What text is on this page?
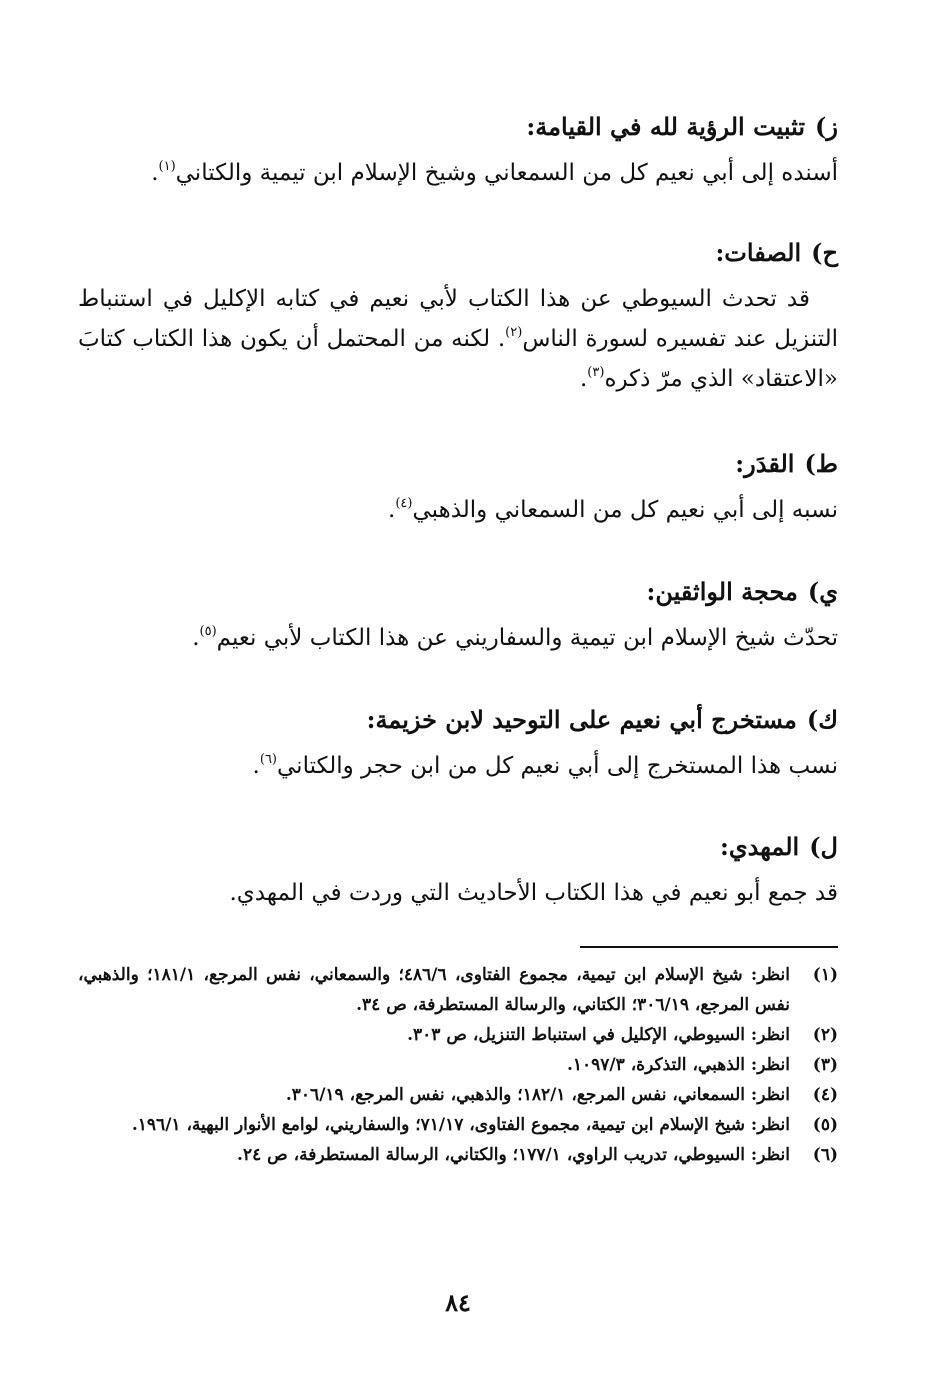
ز)تثبيت الرؤية لله في القيامة:

أسنده إلى أبي نعيم كل من السمعاني وشيخ الإسلام ابن تيمية والكتاني$^{(١)}$.

ح)الصفات:

قد تحدث السيوطي عن هذا الكتاب لأبي نعيم في كتابه الإكليل في استنباط التنزيل عند تفسيره لسورة الناس$^{(٢)}$. لكنه من المحتمل أن يكون هذا الكتاب كتابَ «الاعتقاد» الذي مرّ ذكره$^{(٣)}$.

ط)القدَر:

نسبه إلى أبي نعيم كل من السمعاني والذهبي$^{(٤)}$.

ي)محجة الواثقين:

تحدّث شيخ الإسلام ابن تيمية والسفاريني عن هذا الكتاب لأبي نعيم$^{(٥)}$.

ك)مستخرج أبي نعيم على التوحيد لابن خزيمة:

نسب هذا المستخرج إلى أبي نعيم كل من ابن حجر والكتاني$^{(٦)}$.

ل)المهدي:

قد جمع أبو نعيم في هذا الكتاب الأحاديث التي وردت في المهدي.

(١)
انظر: شيخ الإسلام ابن تيمية، مجموع الفتاوى، ٤٨٦/٦؛ والسمعاني، نفس المرجع، ١٨١/١؛ والذهبي، نفس المرجع، ٣٠٦/١٩؛ الكتاني، والرسالة المستطرفة، ص ٣٤.
(٢)
انظر: السيوطي، الإكليل في استنباط التنزيل، ص ٣٠٣.
(٣)
انظر: الذهبي، التذكرة، ١٠٩٧/٣.
(٤)
انظر: السمعاني، نفس المرجع، ١٨٢/١؛ والذهبي، نفس المرجع، ٣٠٦/١٩.
(٥)
انظر: شيخ الإسلام ابن تيمية، مجموع الفتاوى، ٧١/١٧؛ والسفاريني، لوامع الأنوار البهية، ١٩٦/١.
(٦)
انظر: السيوطي، تدريب الراوي، ١٧٧/١؛ والكتاني، الرسالة المستطرفة، ص ٢٤.
٨٤
